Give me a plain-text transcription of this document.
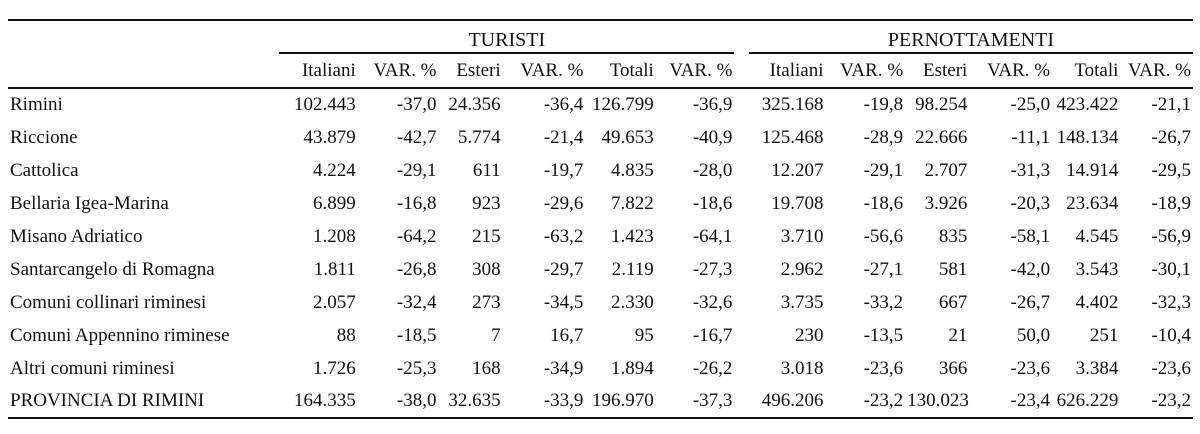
	TURISTI							PERNOTTAMENTI					
	Italiani	VAR. %	Esteri	VAR. %	Totali	VAR. %		Italiani	VAR. %	Esteri	VAR. %	Totali	VAR. %
Rimini	102.443	-37,0	24.356	-36,4	126.799	-36,9		325.168	-19,8	98.254	-25,0	423.422	-21,1
Riccione	43.879	-42,7	5.774	-21,4	49.653	-40,9		125.468	-28,9	22.666	-11,1	148.134	-26,7
Cattolica	4.224	-29,1	611	-19,7	4.835	-28,0		12.207	-29,1	2.707	-31,3	14.914	-29,5
Bellaria Igea-Marina	6.899	-16,8	923	-29,6	7.822	-18,6		19.708	-18,6	3.926	-20,3	23.634	-18,9
Misano Adriatico	1.208	-64,2	215	-63,2	1.423	-64,1		3.710	-56,6	835	-58,1	4.545	-56,9
Santarcangelo di Romagna	1.811	-26,8	308	-29,7	2.119	-27,3		2.962	-27,1	581	-42,0	3.543	-30,1
Comuni collinari riminesi	2.057	-32,4	273	-34,5	2.330	-32,6		3.735	-33,2	667	-26,7	4.402	-32,3
Comuni Appennino riminese	88	-18,5	7	16,7	95	-16,7		230	-13,5	21	50,0	251	-10,4
Altri comuni riminesi	1.726	-25,3	168	-34,9	1.894	-26,2		3.018	-23,6	366	-23,6	3.384	-23,6
PROVINCIA DI RIMINI	164.335	-38,0	32.635	-33,9	196.970	-37,3		496.206	-23,2	130.023	-23,4	626.229	-23,2
